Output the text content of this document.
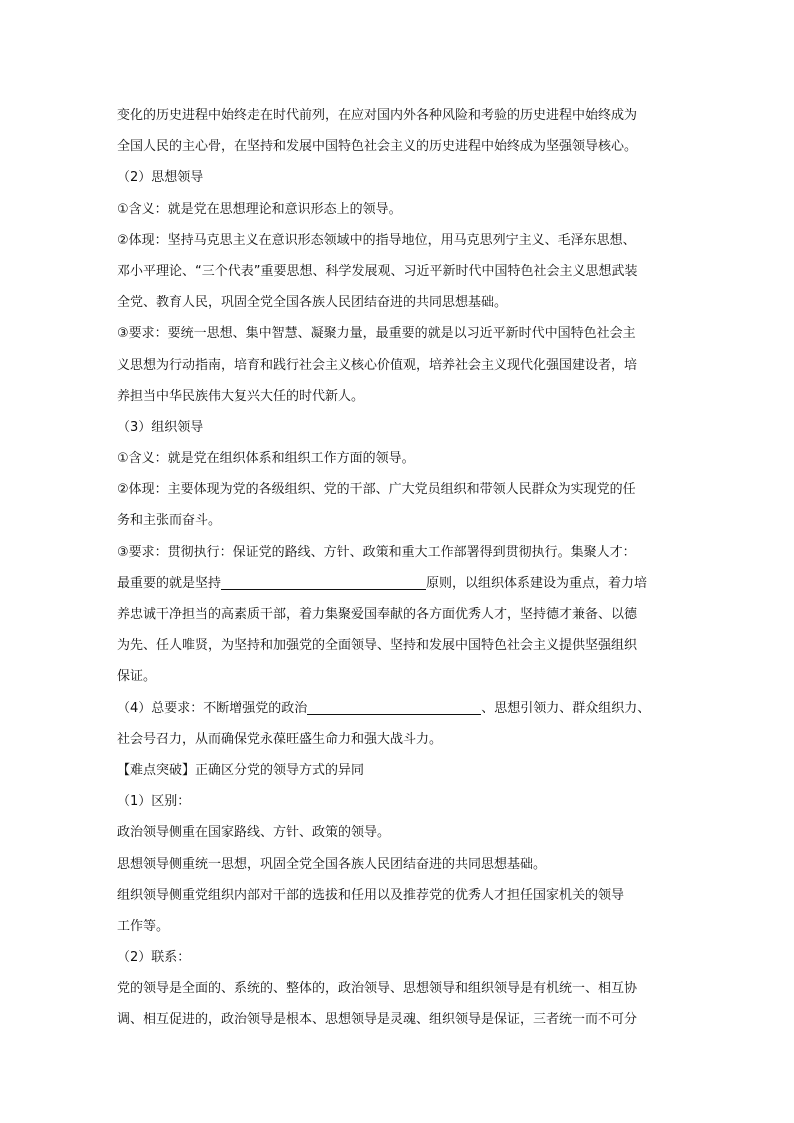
变化的历史进程中始终走在时代前列，在应对国内外各种风险和考验的历史进程中始终成为
全国人民的主心骨，在坚持和发展中国特色社会主义的历史进程中始终成为坚强领导核心。
（2）思想领导
①含义：就是党在思想理论和意识形态上的领导。
②体现：坚持马克思主义在意识形态领域中的指导地位，用马克思列宁主义、毛泽东思想、
邓小平理论、“三个代表”重要思想、科学发展观、习近平新时代中国特色社会主义思想武装
全党、教育人民，巩固全党全国各族人民团结奋进的共同思想基础。
③要求：要统一思想、集中智慧、凝聚力量，最重要的就是以习近平新时代中国特色社会主
义思想为行动指南，培育和践行社会主义核心价值观，培养社会主义现代化强国建设者，培
养担当中华民族伟大复兴大任的时代新人。
（3）组织领导
①含义：就是党在组织体系和组织工作方面的领导。
②体现：主要体现为党的各级组织、党的干部、广大党员组织和带领人民群众为实现党的任
务和主张而奋斗。
③要求：贯彻执行：保证党的路线、方针、政策和重大工作部署得到贯彻执行。集聚人才：
最重要的就是坚持	原则，以组织体系建设为重点，着力培
养忠诚干净担当的高素质干部，着力集聚爱国奉献的各方面优秀人才，坚持德才兼备、以德
为先、任人唯贤，为坚持和加强党的全面领导、坚持和发展中国特色社会主义提供坚强组织
保证。
（4）总要求：不断增强党的政治	、思想引领力、群众组织力、
社会号召力，从而确保党永葆旺盛生命力和强大战斗力。
【难点突破】正确区分党的领导方式的异同
（1）区别：
政治领导侧重在国家路线、方针、政策的领导。
思想领导侧重统一思想，巩固全党全国各族人民团结奋进的共同思想基础。
组织领导侧重党组织内部对干部的选拔和任用以及推荐党的优秀人才担任国家机关的领导
工作等。
（2）联系：
党的领导是全面的、系统的、整体的，政治领导、思想领导和组织领导是有机统一、相互协
调、相互促进的，政治领导是根本、思想领导是灵魂、组织领导是保证，三者统一而不可分
